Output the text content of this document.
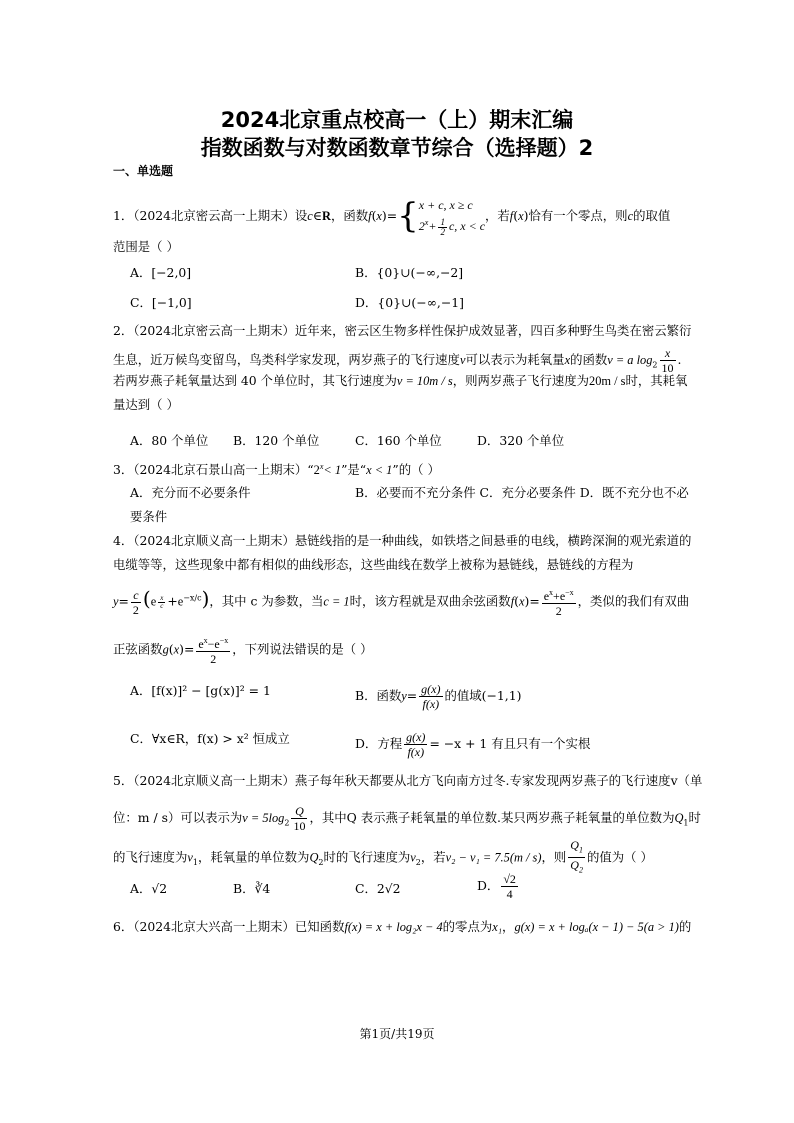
2024北京重点校高一（上）期末汇编
指数函数与对数函数章节综合（选择题）2
一、单选题
1．（2024北京密云高一上期末）设c∈R，函数f(x)={x + c, x ≥ c
$2^x+ \frac{1}{2} c$, x < c，若f(x)恰有一个零点，则c的取值
范围是（ ）
A．[−2,0]	B．{0}∪(−∞,−2]
C．[−1,0]	D．{0}∪(−∞,−1]
2．（2024北京密云高一上期末）近年来，密云区生物多样性保护成效显著，四百多种野生鸟类在密云繁衍
生息，近万候鸟变留鸟，鸟类科学家发现，两岁燕子的飞行速度v可以表示为耗氧量x的函数v = a $\log_2 \frac{x}{10}$ .
若两岁燕子耗氧量达到 40 个单位时，其飞行速度为v = 10m / s，则两岁燕子飞行速度为20m / s时，其耗氧
量达到（ ）
A．80 个单位 B．120 个单位	C．160 个单位	D．320 个单位
3．（2024北京石景山高一上期末）“$2^x< 1$”是“x < 1”的（ ）
A．充分而不必要条件	B．必要而不充分条件 C．充分必要条件 D．既不充分也不必
要条件
4．（2024北京顺义高一上期末）悬链线指的是一种曲线，如铁塔之间悬垂的电线，横跨深涧的观光索道的
电缆等等，这些现象中都有相似的曲线形态，这些曲线在数学上被称为悬链线，悬链线的方程为
$y= \frac{c}{2} (e \frac{x}{c} +e^{-x/c})$，其中 c 为参数，当c = 1时，该方程就是双曲余弦函数$f(x)= \frac{e^x+e^{-x}}{2}$ ，类似的我们有双曲
正弦函数$g(x)= \frac{e^x-e^{-x}}{2}$ ，下列说法错误的是（ ）
A．[f(x)]² − [g(x)]² = 1	B．函数$y= \frac{g(x)}{f(x)}$ 的值域(−1,1)
C．∀x∈R，f(x) > x² 恒成立	D．方程 $\frac{g(x)}{f(x)} = -x + 1$ 有且只有一个实根
5．（2024北京顺义高一上期末）燕子每年秋天都要从北方飞向南方过冬.专家发现两岁燕子的飞行速度v（单
位：m / s）可以表示为$v = 5\log_2 \frac{Q}{10}$ ，其中Q 表示燕子耗氧量的单位数.某只两岁燕子耗氧量的单位数为$Q_1$时
的飞行速度为$v_1$，耗氧量的单位数为$Q_2$时的飞行速度为$v_2$，若v₂ − v₁ = 7.5(m / s)，则 $\frac{Q_1}{Q_2}$ 的值为（ ）
A．√2	B．∛4	C．2√2	D． $\frac{√2}{4}$
6．（2024北京大兴高一上期末）已知函数f(x) = x + log₂x − 4的零点为x₁，g(x) = x + logₐ(x − 1) − 5(a > 1)的
第1页/共19页
